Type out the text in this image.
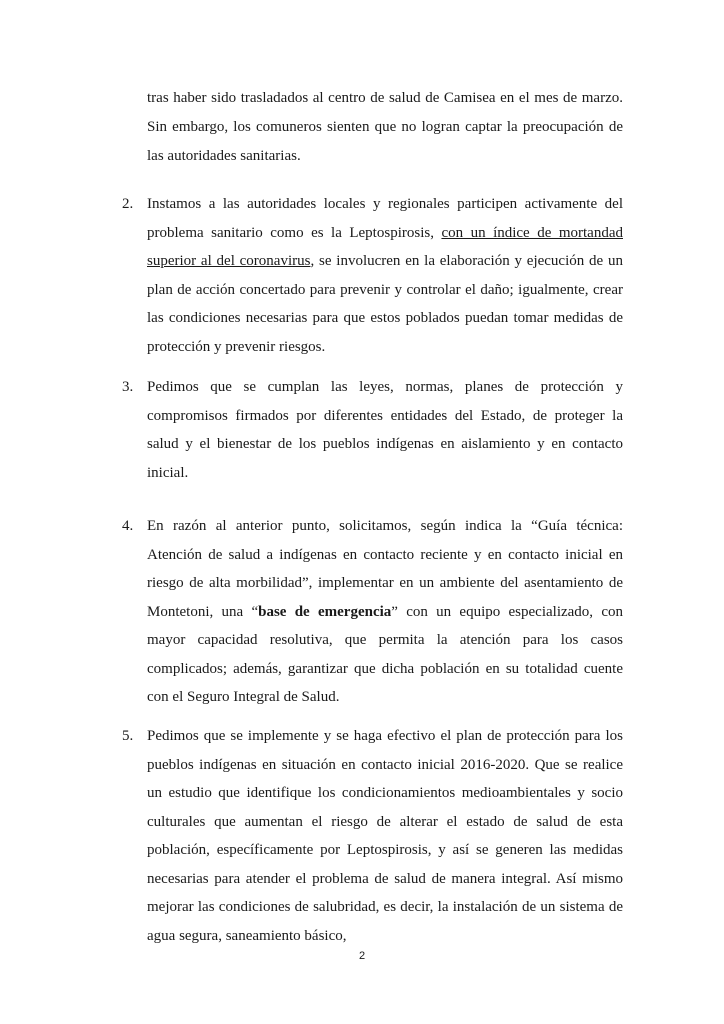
tras haber sido trasladados al centro de salud de Camisea en el mes de marzo. Sin embargo, los comuneros sienten que no logran captar la preocupación de las autoridades sanitarias.

2. Instamos a las autoridades locales y regionales participen activamente del problema sanitario como es la Leptospirosis, con un índice de mortandad superior al del coronavirus, se involucren en la elaboración y ejecución de un plan de acción concertado para prevenir y controlar el daño; igualmente, crear las condiciones necesarias para que estos poblados puedan tomar medidas de protección y prevenir riesgos.
3. Pedimos que se cumplan las leyes, normas, planes de protección y compromisos firmados por diferentes entidades del Estado, de proteger la salud y el bienestar de los pueblos indígenas en aislamiento y en contacto inicial.
4. En razón al anterior punto, solicitamos, según indica la “Guía técnica: Atención de salud a indígenas en contacto reciente y en contacto inicial en riesgo de alta morbilidad”, implementar en un ambiente del asentamiento de Montetoni, una “base de emergencia” con un equipo especializado, con mayor capacidad resolutiva, que permita la atención para los casos complicados; además, garantizar que dicha población en su totalidad cuente con el Seguro Integral de Salud.
5. Pedimos que se implemente y se haga efectivo el plan de protección para los pueblos indígenas en situación en contacto inicial 2016-2020. Que se realice un estudio que identifique los condicionamientos medioambientales y socio culturales que aumentan el riesgo de alterar el estado de salud de esta población, específicamente por Leptospirosis, y así se generen las medidas necesarias para atender el problema de salud de manera integral. Así mismo mejorar las condiciones de salubridad, es decir, la instalación de un sistema de agua segura, saneamiento básico,
2
